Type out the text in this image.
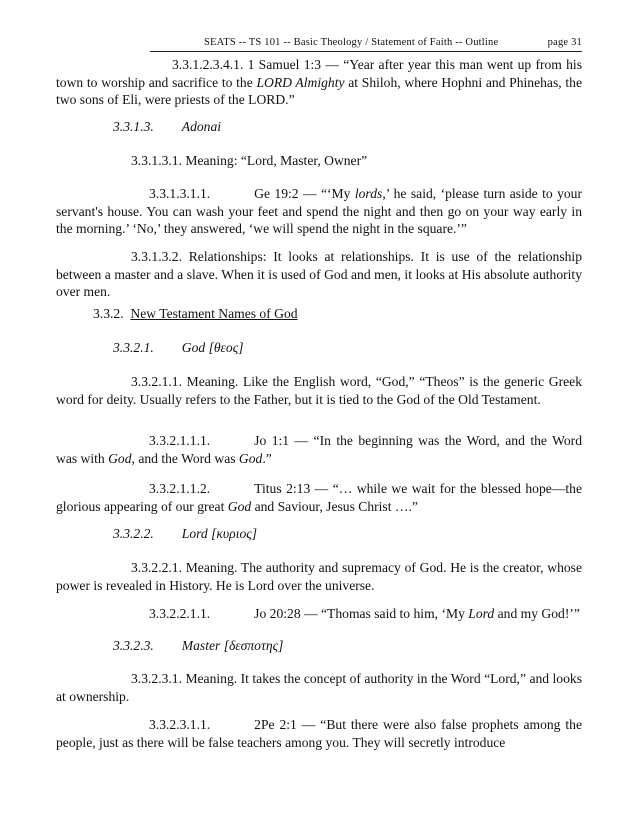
SEATS -- TS 101 -- Basic Theology / Statement of Faith -- Outline	page 31

3.3.1.2.3.4.1. 1 Samuel 1:3 — “Year after year this man went up from his town to worship and sacrifice to the LORD Almighty at Shiloh, where Hophni and Phinehas, the two sons of Eli, were priests of the LORD.”

3.3.1.3. Adonai
3.3.1.3.1. Meaning: “Lord, Master, Owner”

3.3.1.3.1.1.	Ge 19:2 — “‘My lords,’ he said, ‘please turn aside to your servant's house. You can wash your feet and spend the night and then go on your way early in the morning.’ ‘No,’ they answered, ‘we will spend the night in the square.’”

3.3.1.3.2. Relationships: It looks at relationships. It is use of the relationship between a master and a slave. When it is used of God and men, it looks at His absolute authority over men.

3.3.2. New Testament Names of God
3.3.2.1. God [θεος]

3.3.2.1.1. Meaning. Like the English word, “God,” “Theos” is the generic Greek word for deity. Usually refers to the Father, but it is tied to the God of the Old Testament.

3.3.2.1.1.1.	Jo 1:1 — “In the beginning was the Word, and the Word was with God, and the Word was God.”

3.3.2.1.1.2.	Titus 2:13 — “… while we wait for the blessed hope—the glorious appearing of our great God and Saviour, Jesus Christ ….”

3.3.2.2. Lord [κυριος]

3.3.2.2.1. Meaning. The authority and supremacy of God. He is the creator, whose power is revealed in History. He is Lord over the universe.

3.3.2.2.1.1.	Jo 20:28 — “Thomas said to him, ‘My Lord and my God!’”
3.3.2.3. Master [δεσποτης]

3.3.2.3.1. Meaning. It takes the concept of authority in the Word “Lord,” and looks at ownership.

3.3.2.3.1.1.	2Pe 2:1 — “But there were also false prophets among the people, just as there will be false teachers among you. They will secretly introduce
